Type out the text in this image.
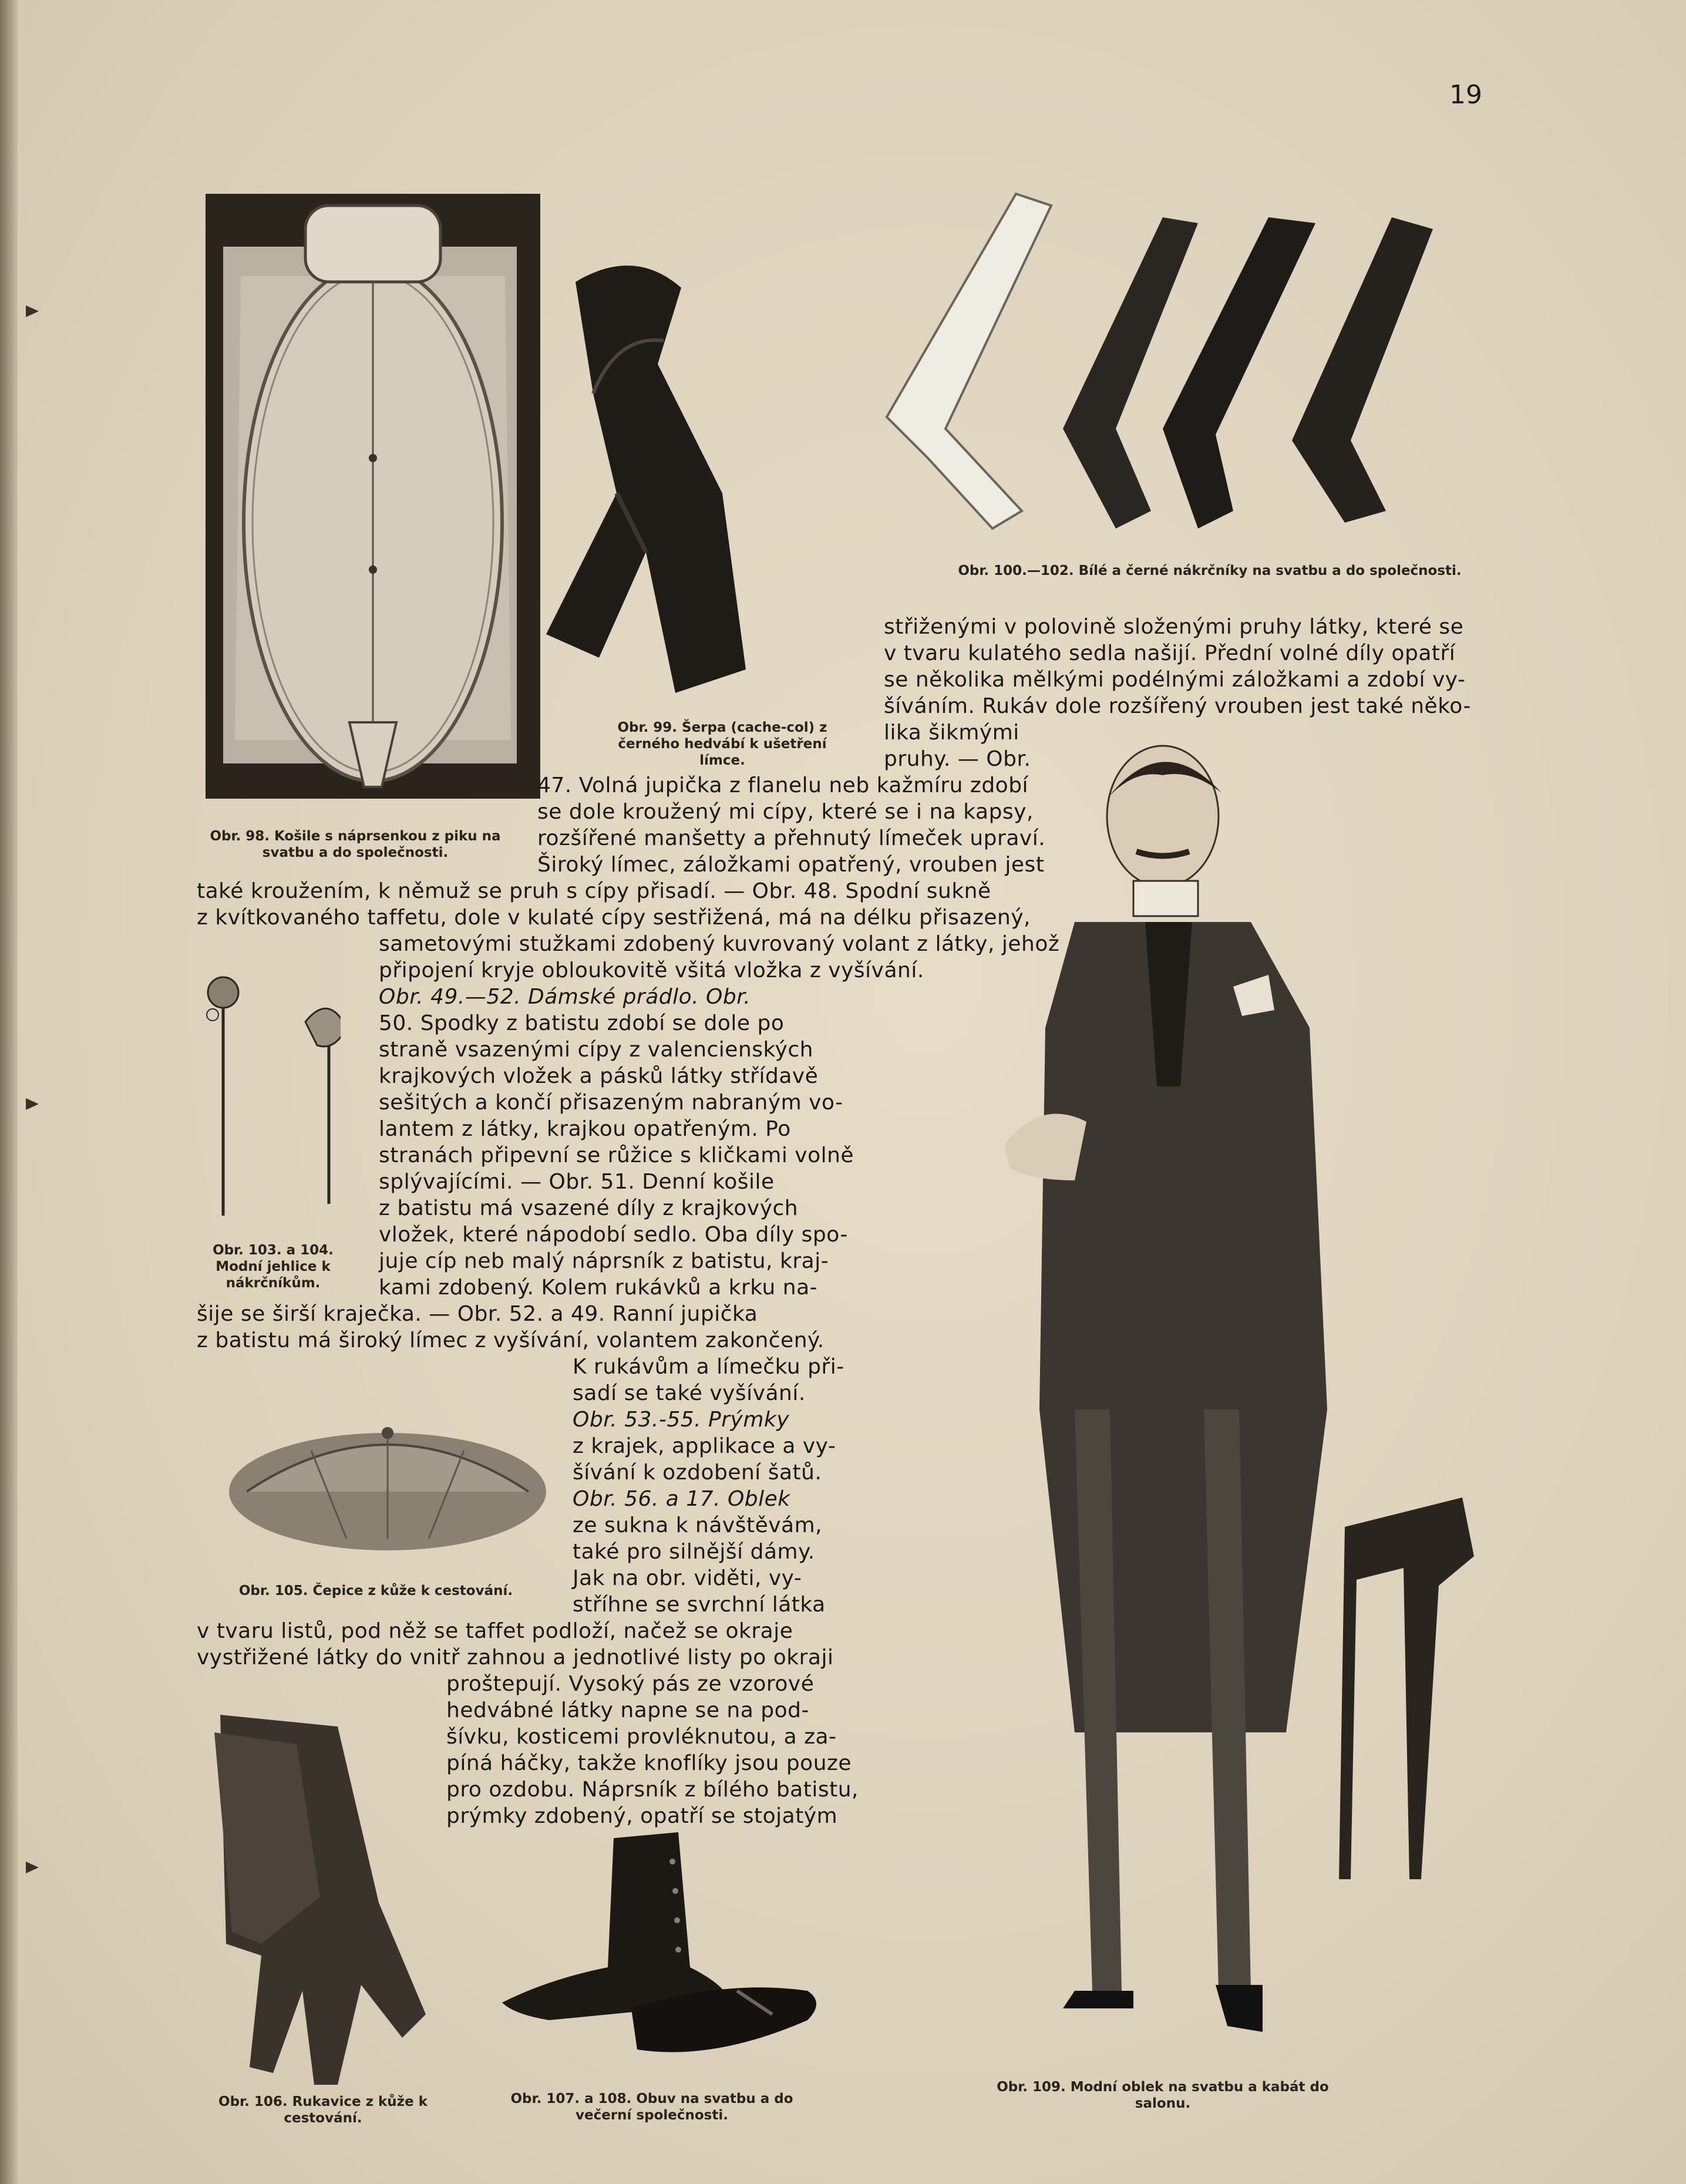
19
Obr. 98. Košile s náprsenkou z piku na svatbu a do společnosti.
Obr. 99. Šerpa (cache-col) z černého hedvábí k ušetření límce.
Obr. 100.—102. Bílé a černé nákrčníky na svatbu a do společnosti.
střiženými v polovině složenými pruhy látky, které se
v tvaru kulatého sedla našijí. Přední volné díly opatří
se několika mělkými podélnými záložkami a zdobí vy-
šíváním. Rukáv dole rozšířený vrouben jest také něko-
lika šikmými
pruhy. — Obr.
47. Volná jupička z flanelu neb kažmíru zdobí
se dole kroužený mi cípy, které se i na kapsy,
rozšířené manšetty a přehnutý límeček upraví.
Široký límec, záložkami opatřený, vrouben jest
také kroužením, k němuž se pruh s cípy přisadí. — Obr. 48. Spodní sukně
z kvítkovaného taffetu, dole v kulaté cípy sestřižená, má na délku přisazený,
sametovými stužkami zdobený kuvrovaný volant z látky, jehož
připojení kryje obloukovitě všitá vložka z vyšívání.
Obr. 49.—52. Dámské prádlo. Obr.
50. Spodky z batistu zdobí se dole po
straně vsazenými cípy z valencienských
krajkových vložek a pásků látky střídavě
sešitých a končí přisazeným nabraným vo-
lantem z látky, krajkou opatřeným. Po
stranách připevní se růžice s kličkami volně
splývajícími. — Obr. 51. Denní košile
z batistu má vsazené díly z krajkových
vložek, které nápodobí sedlo. Oba díly spo-
juje cíp neb malý náprsník z batistu, kraj-
kami zdobený. Kolem rukávků a krku na-
šije se širší kraječka. — Obr. 52. a 49. Ranní jupička
z batistu má široký límec z vyšívání, volantem zakončený.
K rukávům a límečku při-
sadí se také vyšívání.
Obr. 53.-55. Prýmky
z krajek, applikace a vy-
šívání k ozdobení šatů.
Obr. 56. a 17. Oblek
ze sukna k návštěvám,
také pro silnější dámy.
Jak na obr. viděti, vy-
stříhne se svrchní látka
v tvaru listů, pod něž se taffet podloží, načež se okraje
vystřižené látky do vnitř zahnou a jednotlivé listy po okraji
proštepují. Vysoký pás ze vzorové
hedvábné látky napne se na pod-
šívku, kosticemi provléknutou, a za-
píná háčky, takže knoflíky jsou pouze
pro ozdobu. Náprsník z bílého batistu,
prýmky zdobený, opatří se stojatým
Obr. 103. a 104. Modní jehlice k nákrčníkům.
Obr. 105. Čepice z kůže k cestování.
Obr. 106. Rukavice z kůže k cestování.
Obr. 107. a 108. Obuv na svatbu a do večerní společnosti.
Obr. 109. Modní oblek na svatbu a kabát do salonu.
